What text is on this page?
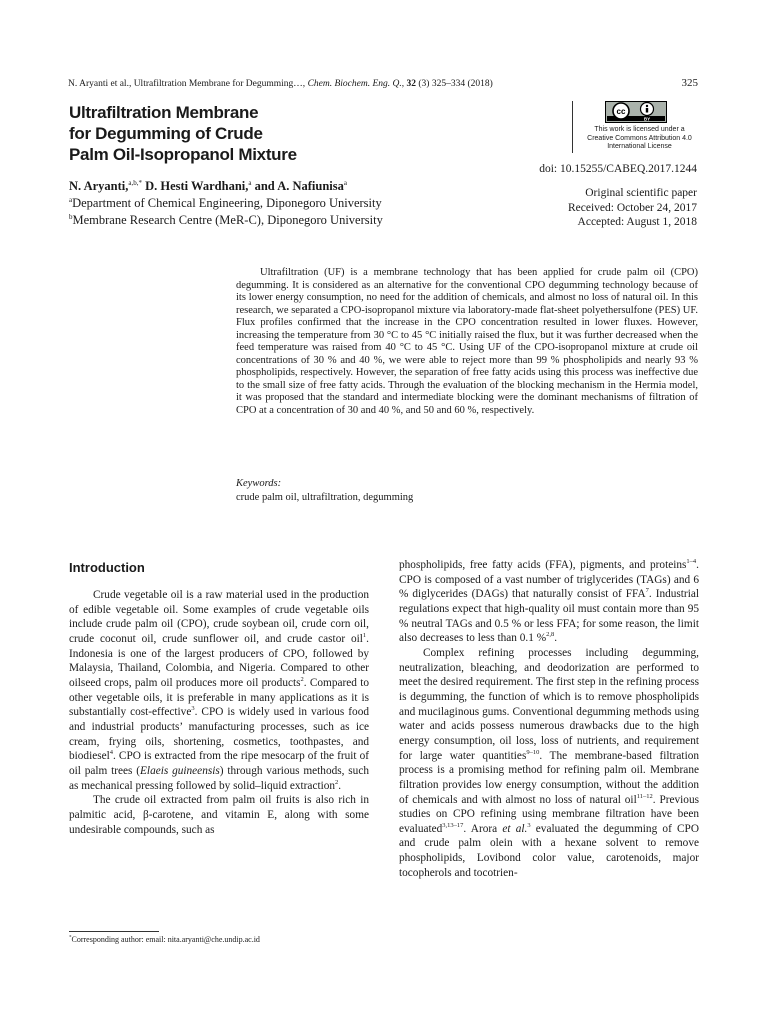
N. Aryanti et al., Ultrafiltration Membrane for Degumming…, Chem. Biochem. Eng. Q., 32 (3) 325–334 (2018)	325
Ultrafiltration Membrane
for Degumming of Crude
Palm Oil-Isopropanol Mixture
cc
BY
This work is licensed under a
Creative Commons Attribution 4.0
International License
doi: 10.15255/CABEQ.2017.1244
N. Aryanti,$^{a,b,*}$ D. Hesti Wardhani,$^a$ and A. Nafiunisa$^a$
$^a$Department of Chemical Engineering, Diponegoro University
$^b$Membrane Research Centre (MeR-C), Diponegoro University
Original scientific paper
Received: October 24, 2017
Accepted: August 1, 2018

Ultrafiltration (UF) is a membrane technology that has been applied for crude palm oil (CPO) degumming. It is considered as an alternative for the conventional CPO degumming technology because of its lower energy consumption, no need for the addition of chemicals, and almost no loss of natural oil. In this research, we separated a CPO-isopropanol mixture via laboratory-made flat-sheet polyethersulfone (PES) UF. Flux profiles confirmed that the increase in the CPO concentration resulted in lower fluxes. However, increasing the temperature from 30 °C to 45 °C initially raised the flux, but it was further decreased when the feed temperature was raised from 40 °C to 45 °C. Using UF of the CPO-isopropanol mixture at crude oil concentrations of 30 % and 40 %, we were able to reject more than 99 % phospholipids and nearly 93 % phospholipids, respectively. However, the separation of free fatty acids using this process was ineffective due to the small size of free fatty acids. Through the evaluation of the blocking mechanism in the Hermia model, it was proposed that the standard and intermediate blocking were the dominant mechanisms of filtration of CPO at a concentration of 30 and 40 %, and 50 and 60 %, respectively.

Keywords:
crude palm oil, ultrafiltration, degumming
Introduction

Crude vegetable oil is a raw material used in the production of edible vegetable oil. Some examples of crude vegetable oils include crude palm oil (CPO), crude soybean oil, crude corn oil, crude coconut oil, crude sunflower oil, and crude castor oil$^1$. Indonesia is one of the largest producers of CPO, followed by Malaysia, Thailand, Colombia, and Nigeria. Compared to other oilseed crops, palm oil produces more oil products$^2$. Compared to other vegetable oils, it is preferable in many applications as it is substantially cost-effective$^3$. CPO is widely used in various food and industrial products’ manufacturing processes, such as ice cream, frying oils, shortening, cosmetics, toothpastes, and biodiesel$^4$. CPO is extracted from the ripe mesocarp of the fruit of oil palm trees (Elaeis guineensis) through various methods, such as mechanical pressing followed by solid–liquid extraction$^2$.

The crude oil extracted from palm oil fruits is also rich in palmitic acid, β-carotene, and vitamin E, along with some undesirable compounds, such as

phospholipids, free fatty acids (FFA), pigments, and proteins$^{1-4}$. CPO is composed of a vast number of triglycerides (TAGs) and 6 % diglycerides (DAGs) that naturally consist of FFA$^7$. Industrial regulations expect that high-quality oil must contain more than 95 % neutral TAGs and 0.5 % or less FFA; for some reason, the limit also decreases to less than 0.1 %$^{2,8}$.

Complex refining processes including degumming, neutralization, bleaching, and deodorization are performed to meet the desired requirement. The first step in the refining process is degumming, the function of which is to remove phospholipids and mucilaginous gums. Conventional degumming methods using water and acids possess numerous drawbacks due to the high energy consumption, oil loss, loss of nutrients, and requirement for large water quantities$^{9-10}$. The membrane-based filtration process is a promising method for refining palm oil. Membrane filtration provides low energy consumption, without the addition of chemicals and with almost no loss of natural oil$^{11-12}$. Previous studies on CPO refining using membrane filtration have been evaluated$^{3,13-17}$. Arora et al.$^3$ evaluated the degumming of CPO and crude palm olein with a hexane solvent to remove phospholipids, Lovibond color value, carotenoids, major tocopherols and tocotrien-

*Corresponding author: email: nita.aryanti@che.undip.ac.id
